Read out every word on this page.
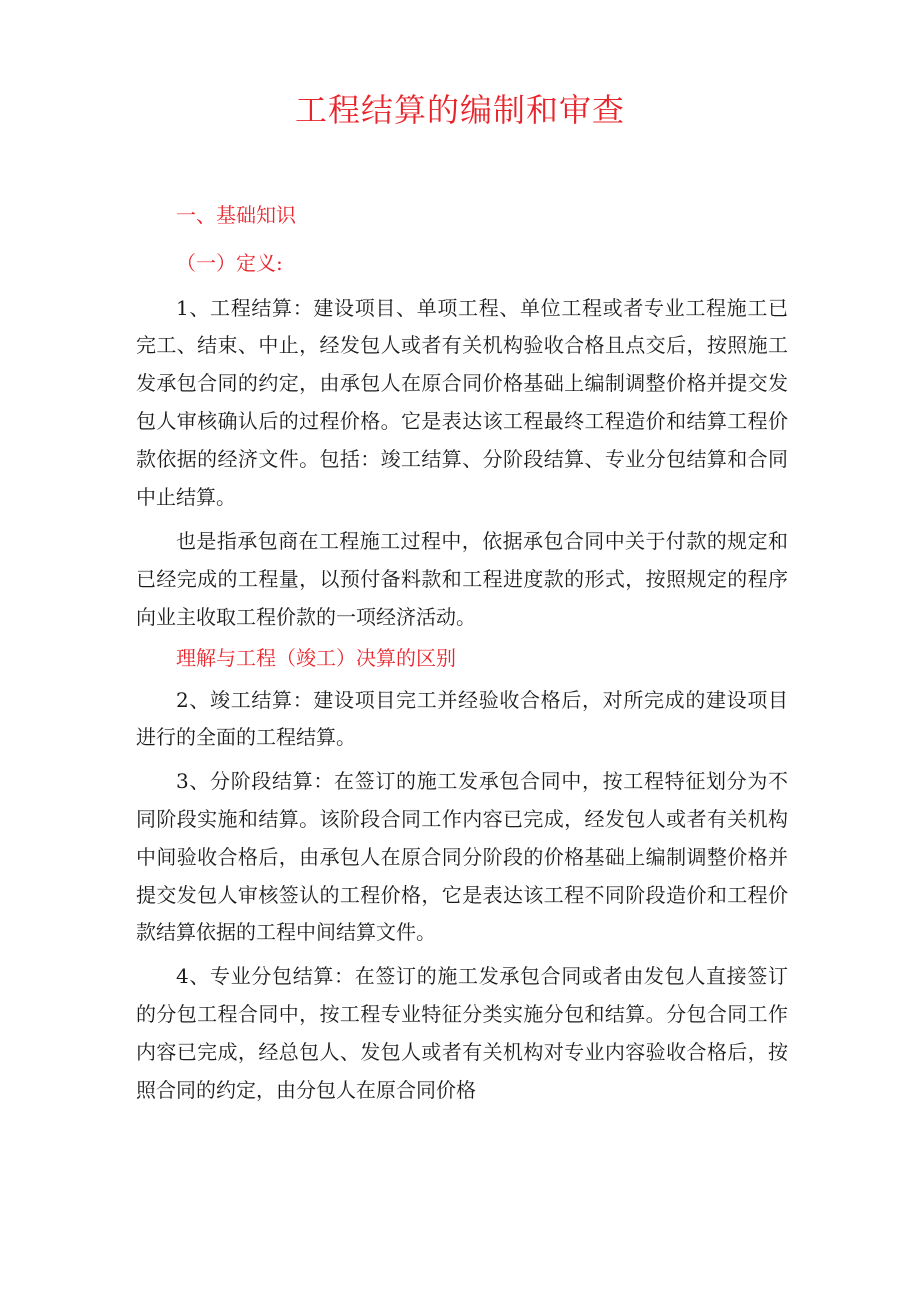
工程结算的编制和审查

一、基础知识

（一）定义:

1、工程结算：建设项目、单项工程、单位工程或者专业工程施工已完工、结束、中止，经发包人或者有关机构验收合格且点交后，按照施工发承包合同的约定，由承包人在原合同价格基础上编制调整价格并提交发包人审核确认后的过程价格。它是表达该工程最终工程造价和结算工程价款依据的经济文件。包括：竣工结算、分阶段结算、专业分包结算和合同中止结算。

也是指承包商在工程施工过程中，依据承包合同中关于付款的规定和已经完成的工程量，以预付备料款和工程进度款的形式，按照规定的程序向业主收取工程价款的一项经济活动。

理解与工程（竣工）决算的区别

2、竣工结算：建设项目完工并经验收合格后，对所完成的建设项目进行的全面的工程结算。

3、分阶段结算：在签订的施工发承包合同中，按工程特征划分为不同阶段实施和结算。该阶段合同工作内容已完成，经发包人或者有关机构中间验收合格后，由承包人在原合同分阶段的价格基础上编制调整价格并提交发包人审核签认的工程价格，它是表达该工程不同阶段造价和工程价款结算依据的工程中间结算文件。

4、专业分包结算：在签订的施工发承包合同或者由发包人直接签订的分包工程合同中，按工程专业特征分类实施分包和结算。分包合同工作内容已完成，经总包人、发包人或者有关机构对专业内容验收合格后，按照合同的约定，由分包人在原合同价格
